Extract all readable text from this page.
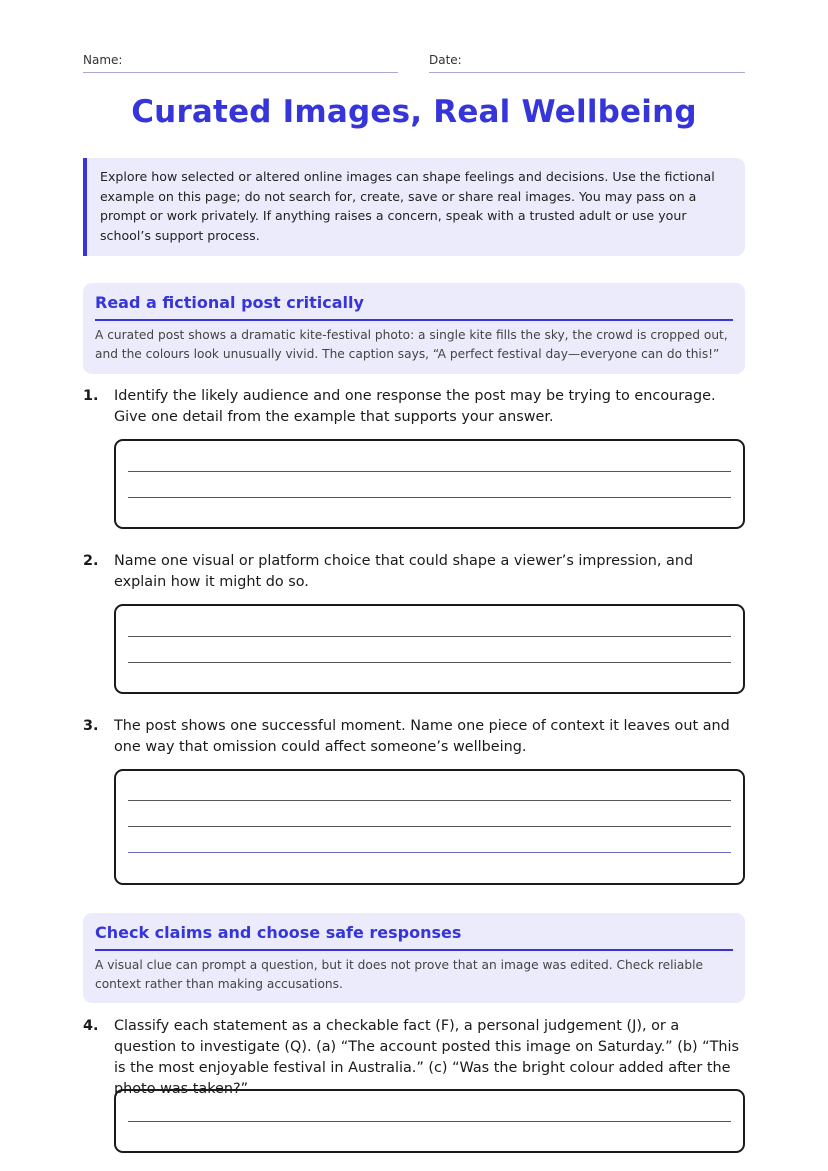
Name:	Date:
Curated Images, Real Wellbeing
Explore how selected or altered online images can shape feelings and decisions. Use the fictional example on this page; do not search for, create, save or share real images. You may pass on a prompt or work privately. If anything raises a concern, speak with a trusted adult or use your school’s support process.
Read a fictional post critically
A curated post shows a dramatic kite-festival photo: a single kite fills the sky, the crowd is cropped out, and the colours look unusually vivid. The caption says, “A perfect festival day—everyone can do this!”
1. Identify the likely audience and one response the post may be trying to encourage. Give one detail from the example that supports your answer.
2. Name one visual or platform choice that could shape a viewer’s impression, and explain how it might do so.
3. The post shows one successful moment. Name one piece of context it leaves out and one way that omission could affect someone’s wellbeing.
Check claims and choose safe responses
A visual clue can prompt a question, but it does not prove that an image was edited. Check reliable context rather than making accusations.
4. Classify each statement as a checkable fact (F), a personal judgement (J), or a question to investigate (Q). (a) “The account posted this image on Saturday.” (b) “This is the most enjoyable festival in Australia.” (c) “Was the bright colour added after the photo was taken?”
